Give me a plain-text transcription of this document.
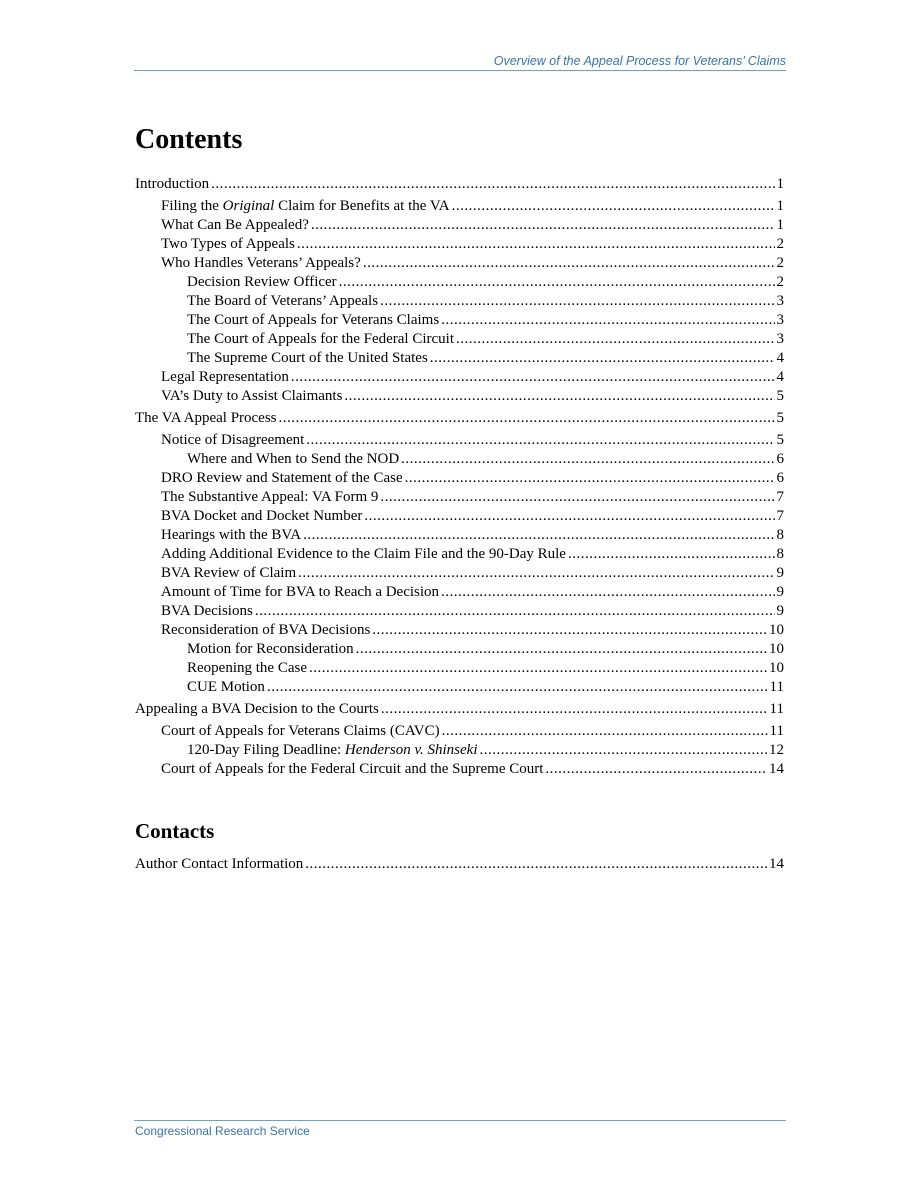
Overview of the Appeal Process for Veterans’ Claims
Contents
Introduction .....	1
Filing the Original Claim for Benefits at the VA .....	1
What Can Be Appealed? .....	1
Two Types of Appeals .....	2
Who Handles Veterans’ Appeals? .....	2
Decision Review Officer .....	2
The Board of Veterans’ Appeals .....	3
The Court of Appeals for Veterans Claims .....	3
The Court of Appeals for the Federal Circuit .....	3
The Supreme Court of the United States .....	4
Legal Representation .....	4
VA’s Duty to Assist Claimants .....	5
The VA Appeal Process .....	5
Notice of Disagreement .....	5
Where and When to Send the NOD .....	6
DRO Review and Statement of the Case .....	6
The Substantive Appeal: VA Form 9 .....	7
BVA Docket and Docket Number .....	7
Hearings with the BVA .....	8
Adding Additional Evidence to the Claim File and the 90-Day Rule .....	8
BVA Review of Claim .....	9
Amount of Time for BVA to Reach a Decision .....	9
BVA Decisions .....	9
Reconsideration of BVA Decisions .....	10
Motion for Reconsideration .....	10
Reopening the Case .....	10
CUE Motion .....	11
Appealing a BVA Decision to the Courts .....	11
Court of Appeals for Veterans Claims (CAVC) .....	11
120-Day Filing Deadline: Henderson v. Shinseki .....	12
Court of Appeals for the Federal Circuit and the Supreme Court .....	14
Contacts
Author Contact Information .....	14
Congressional Research Service
